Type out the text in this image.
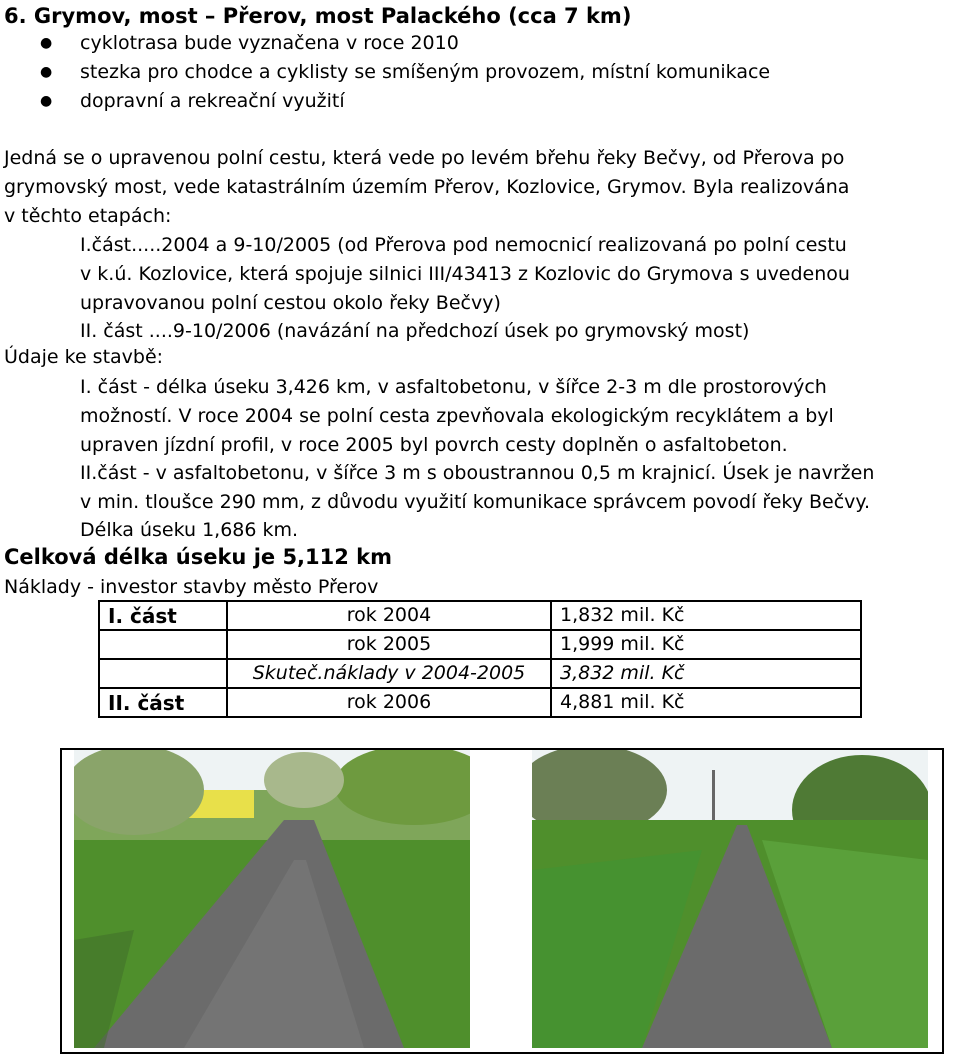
6. Grymov, most – Přerov, most Palackého (cca 7 km)
● cyklotrasa bude vyznačena v roce 2010
● stezka pro chodce a cyklisty se smíšeným provozem, místní komunikace
● dopravní a rekreační využití
Jedná se o upravenou polní cestu, která vede po levém břehu řeky Bečvy, od Přerova po
grymovský most, vede katastrálním územím Přerov, Kozlovice, Grymov. Byla realizována
v těchto etapách:
I.část.....2004 a 9-10/2005 (od Přerova pod nemocnicí realizovaná po polní cestu
v k.ú. Kozlovice, která spojuje silnici III/43413 z Kozlovic do Grymova s uvedenou
upravovanou polní cestou okolo řeky Bečvy)
II. část ....9-10/2006 (navázání na předchozí úsek po grymovský most)
Údaje ke stavbě:
I. část - délka úseku 3,426 km, v asfaltobetonu, v šířce 2-3 m dle prostorových
možností. V roce 2004 se polní cesta zpevňovala ekologickým recyklátem a byl
upraven jízdní profil, v roce 2005 byl povrch cesty doplněn o asfaltobeton.
II.část - v asfaltobetonu, v šířce 3 m s oboustrannou 0,5 m krajnicí. Úsek je navržen
v min. tloušce 290 mm, z důvodu využití komunikace správcem povodí řeky Bečvy.
Délka úseku 1,686 km.
Celková délka úseku je 5,112 km
Náklady - investor stavby město Přerov
I. část	rok 2004	1,832 mil. Kč
	rok 2005	1,999 mil. Kč
	Skuteč.náklady v 2004-2005	3,832 mil. Kč
II. část	rok 2006	4,881 mil. Kč
